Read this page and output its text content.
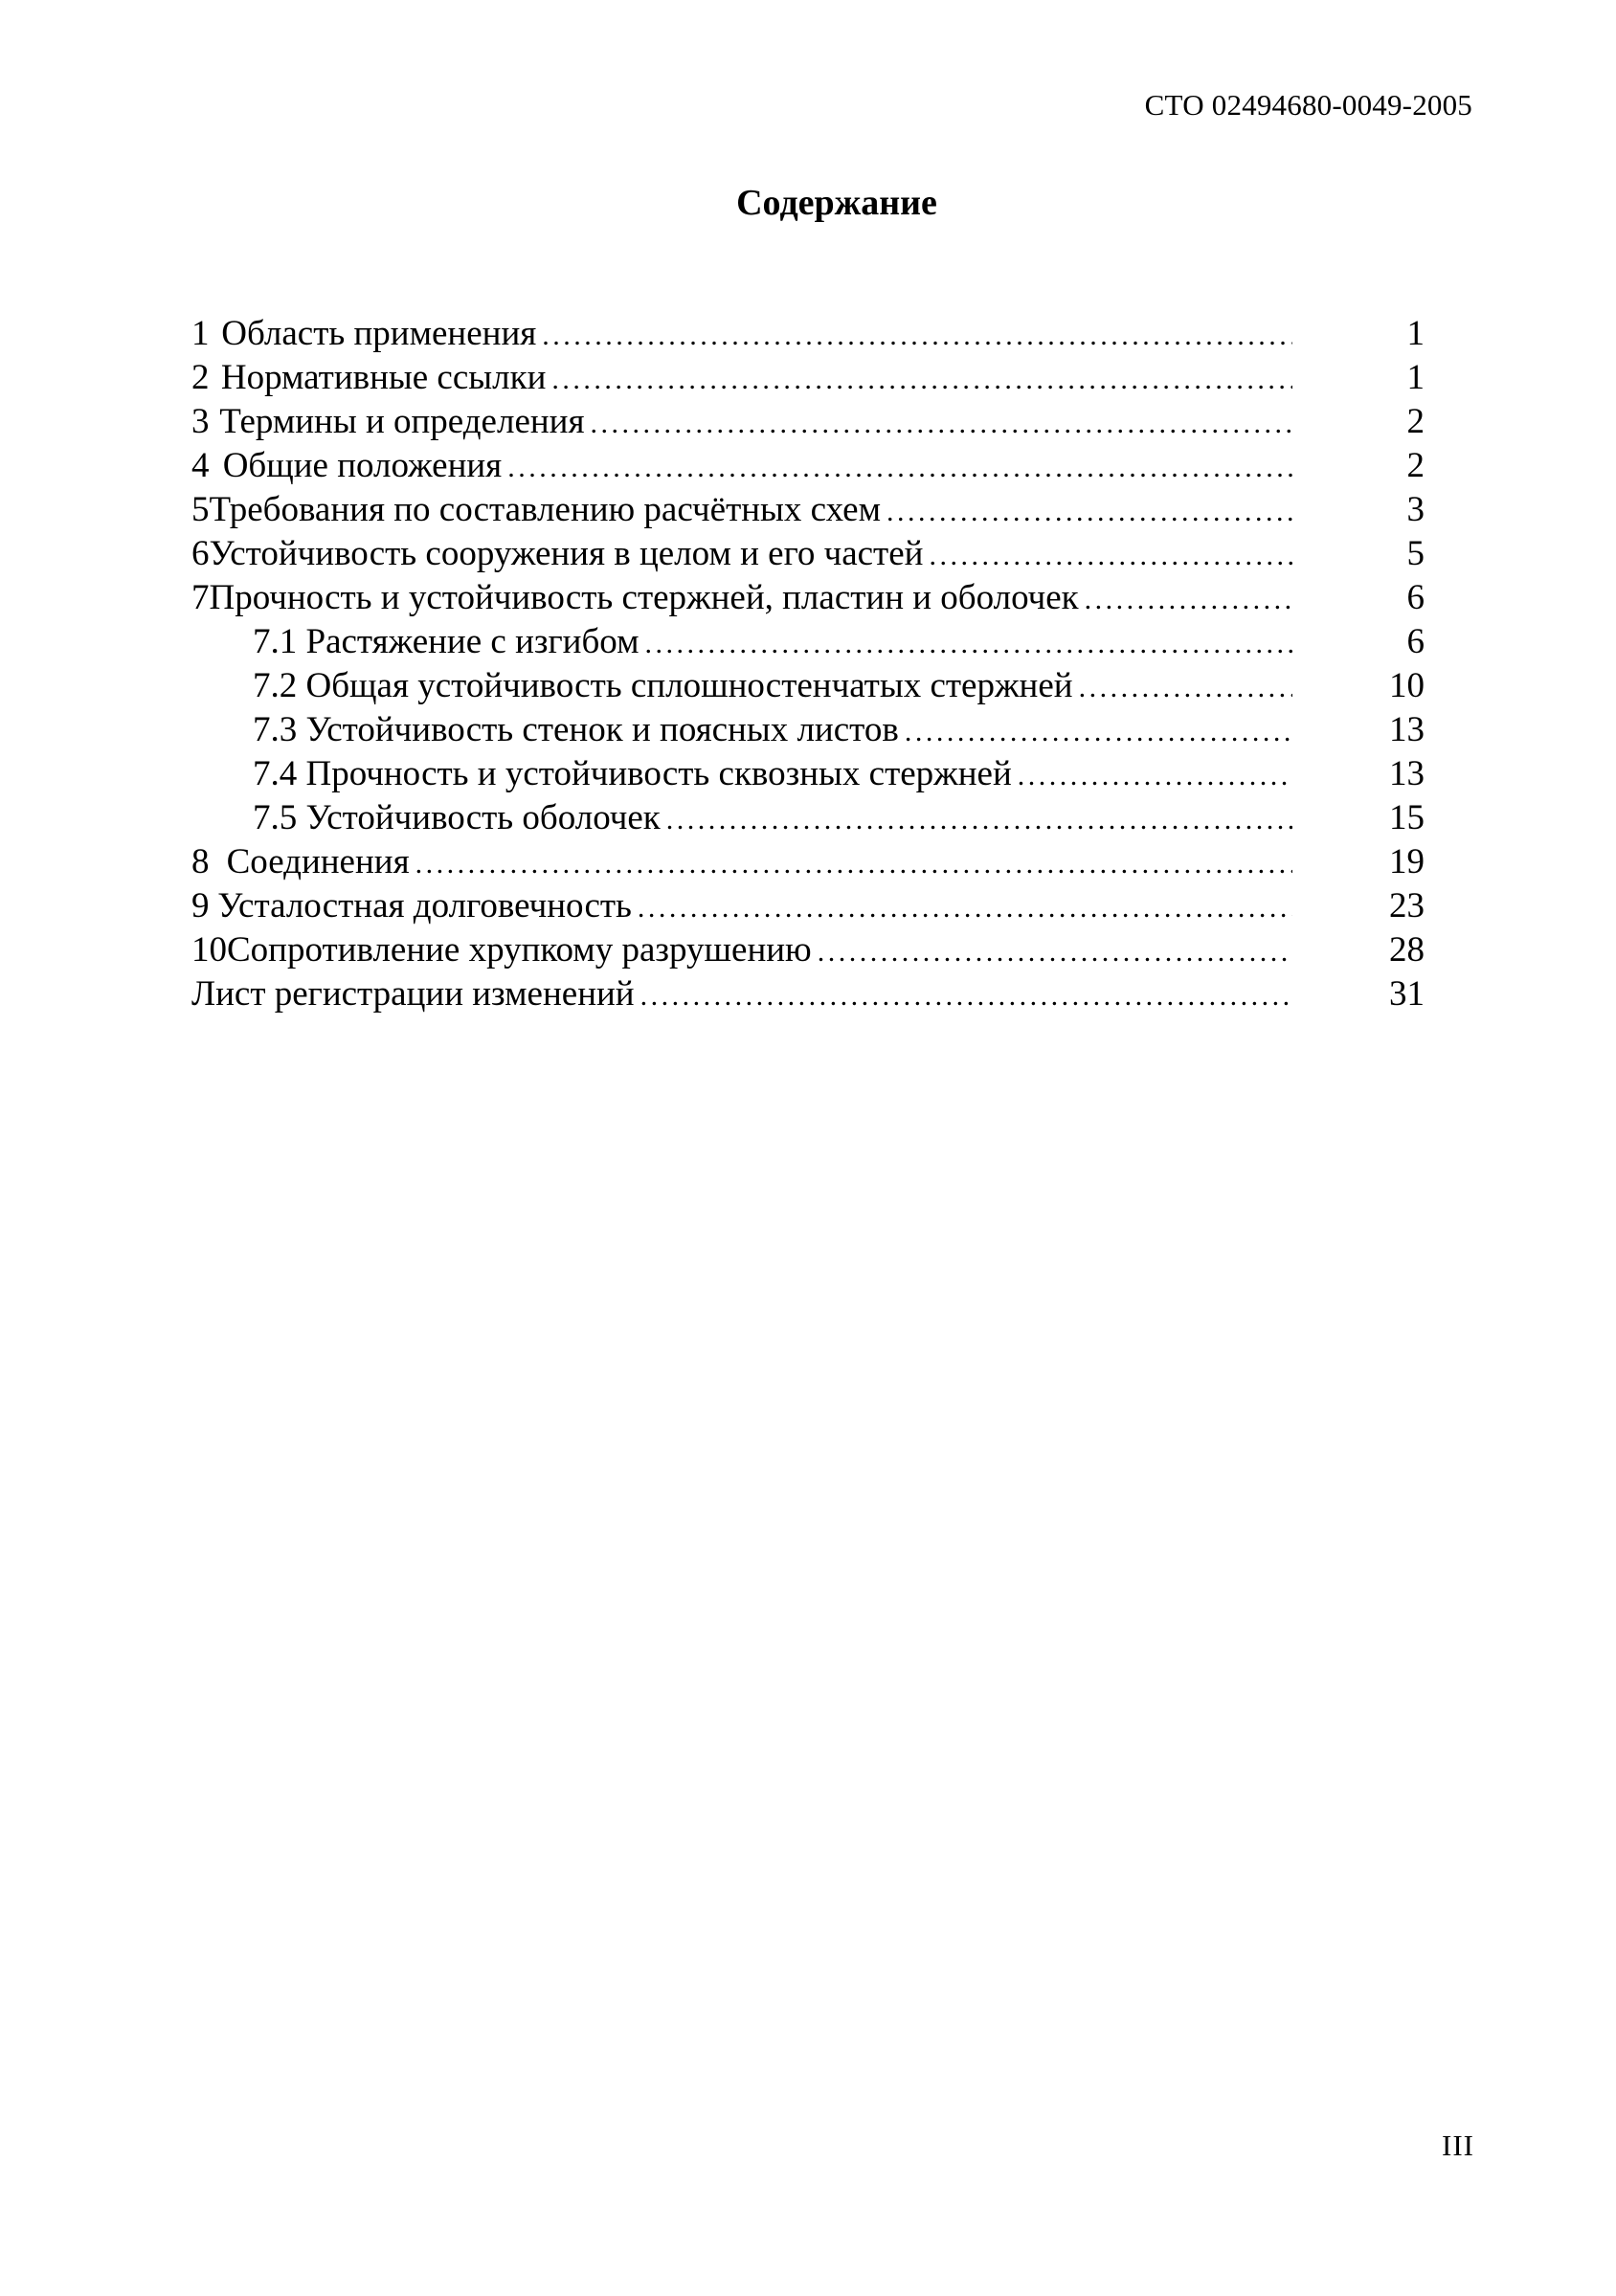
СТО 02494680-0049-2005
Содержание
1 Область применения . . .	1
2 Нормативные ссылки . . .	1
3 Термины и определения . . .	2
4 Общие положения . . .	2
5 Требования по составлению расчётных схем . . .	3
6 Устойчивость сооружения в целом и его частей . . .	5
7 Прочность и устойчивость стержней, пластин и оболочек . . .	6
7.1 Растяжение с изгибом . . .	6
7.2 Общая устойчивость сплошностенчатых стержней . . .	10
7.3 Устойчивость стенок и поясных листов . . .	13
7.4 Прочность и устойчивость сквозных стержней . . .	13
7.5 Устойчивость оболочек . . .	15
8 Соединения . . .	19
9 Усталостная долговечность . . .	23
10 Сопротивление хрупкому разрушению . . .	28
Лист регистрации изменений . . .	31
III
